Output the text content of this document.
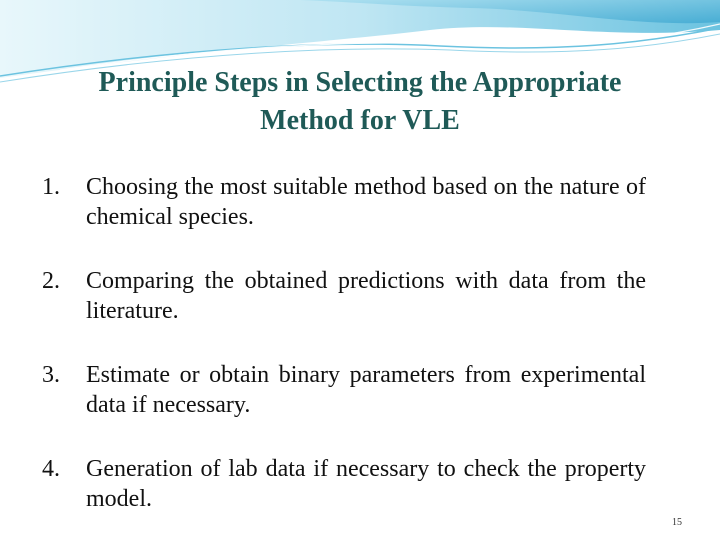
Principle Steps in Selecting the Appropriate
Method for VLE
1. Choosing the most suitable method based on the nature of chemical species.
2. Comparing the obtained predictions with data from the literature.
3. Estimate or obtain binary parameters from experimental data if necessary.
4. Generation of lab data if necessary to check the property model.
15
